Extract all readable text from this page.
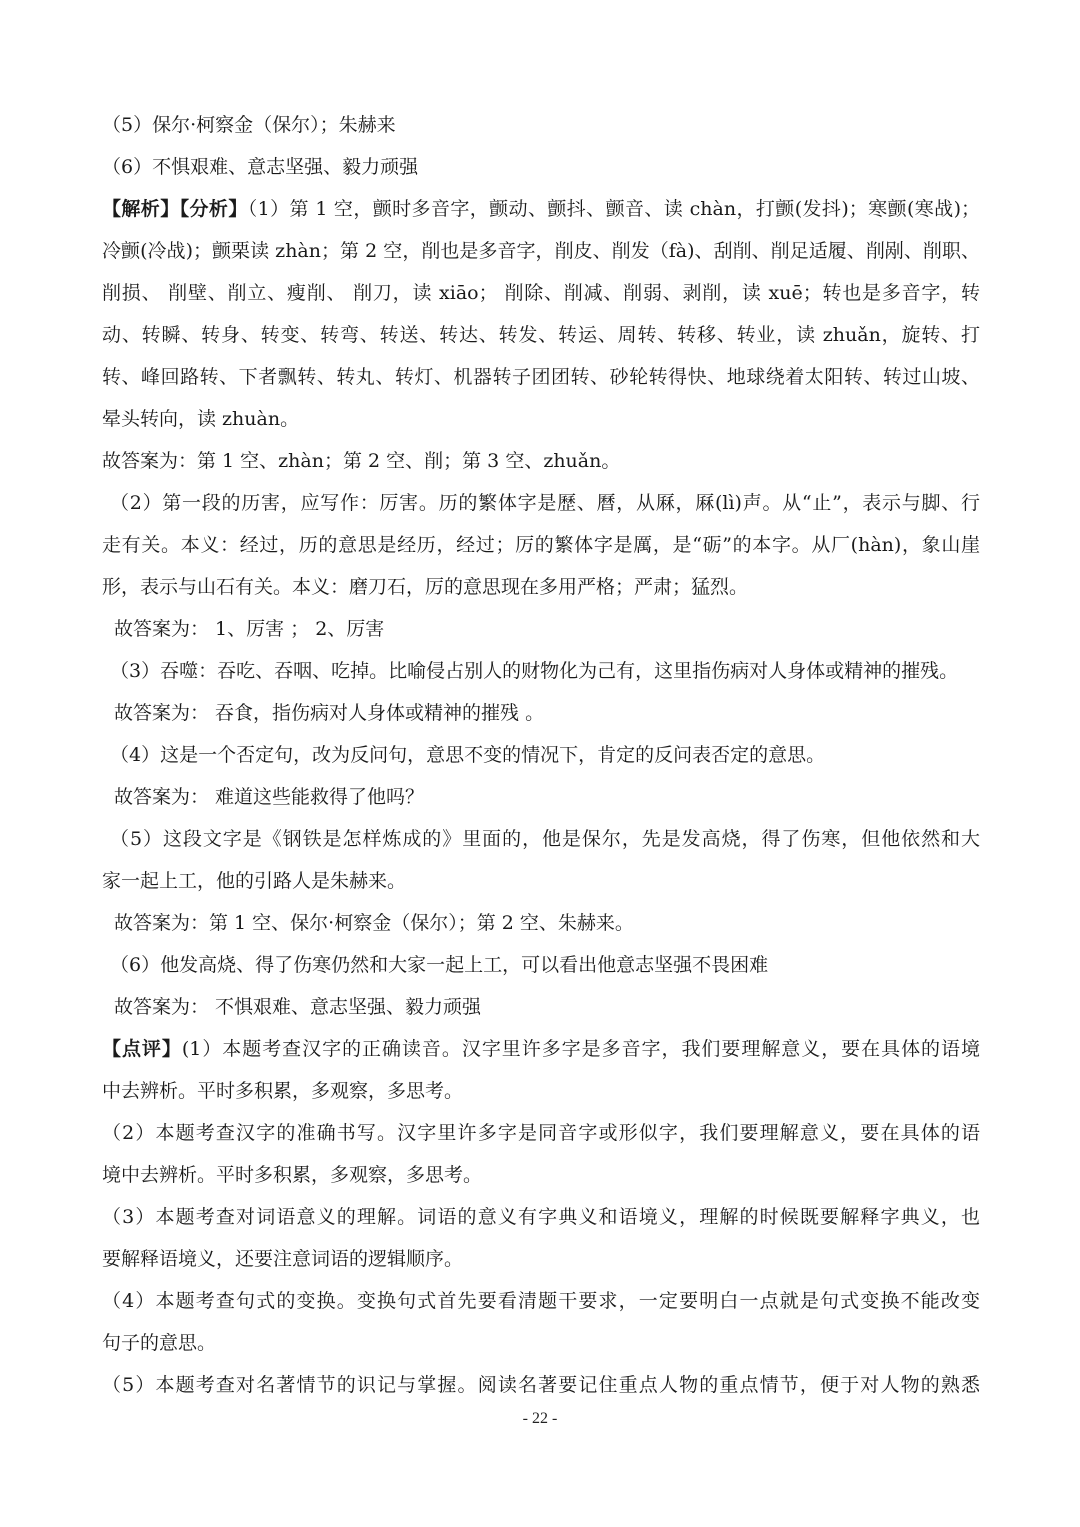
（5）保尔·柯察金（保尔）；朱赫来
（6）不惧艰难、意志坚强、毅力顽强
【解析】【分析】（1）第 1 空，颤时多音字，颤动、颤抖、颤音、读 chàn，打颤(发抖)；寒颤(寒战)；
冷颤(冷战)；颤栗读 zhàn；第 2 空，削也是多音字，削皮、削发（fà)、刮削、削足适履、削剐、削职、
削损、 削壁、削立、瘦削、 削刀，读 xiāo； 削除、削减、削弱、剥削，读 xuē；转也是多音字，转
动、转瞬、转身、转变、转弯、转送、转达、转发、转运、周转、转移、转业，读 zhuǎn，旋转、打
转、峰回路转、下者飘转、转丸、转灯、机器转子团团转、砂轮转得快、地球绕着太阳转、转过山坡、
晕头转向，读 zhuàn。
故答案为：第 1 空、zhàn；第 2 空、削；第 3 空、zhuǎn。
（2）第一段的历害，应写作：厉害。历的繁体字是歷、曆，从厤，厤(lì)声。从“止”，表示与脚、行
走有关。本义：经过，历的意思是经历，经过；厉的繁体字是厲，是“砺”的本字。从厂(hàn)，象山崖
形，表示与山石有关。本义：磨刀石，厉的意思现在多用严格；严肃；猛烈。
故答案为： 1、厉害 ； 2、厉害
（3）吞噬：吞吃、吞咽、吃掉。比喻侵占别人的财物化为己有，这里指伤病对人身体或精神的摧残。
故答案为： 吞食，指伤病对人身体或精神的摧残 。
（4）这是一个否定句，改为反问句，意思不变的情况下，肯定的反问表否定的意思。
故答案为： 难道这些能救得了他吗？
（5）这段文字是《钢铁是怎样炼成的》里面的，他是保尔，先是发高烧，得了伤寒，但他依然和大
家一起上工，他的引路人是朱赫来。
故答案为：第 1 空、保尔·柯察金（保尔）；第 2 空、朱赫来。
（6）他发高烧、得了伤寒仍然和大家一起上工，可以看出他意志坚强不畏困难
故答案为： 不惧艰难、意志坚强、毅力顽强
【点评】(1）本题考查汉字的正确读音。汉字里许多字是多音字，我们要理解意义，要在具体的语境
中去辨析。平时多积累，多观察，多思考。
（2）本题考查汉字的准确书写。汉字里许多字是同音字或形似字，我们要理解意义，要在具体的语
境中去辨析。平时多积累，多观察，多思考。
（3）本题考查对词语意义的理解。词语的意义有字典义和语境义，理解的时候既要解释字典义，也
要解释语境义，还要注意词语的逻辑顺序。
（4）本题考查句式的变换。变换句式首先要看清题干要求，一定要明白一点就是句式变换不能改变
句子的意思。
（5）本题考查对名著情节的识记与掌握。阅读名著要记住重点人物的重点情节，便于对人物的熟悉
- 22 -
